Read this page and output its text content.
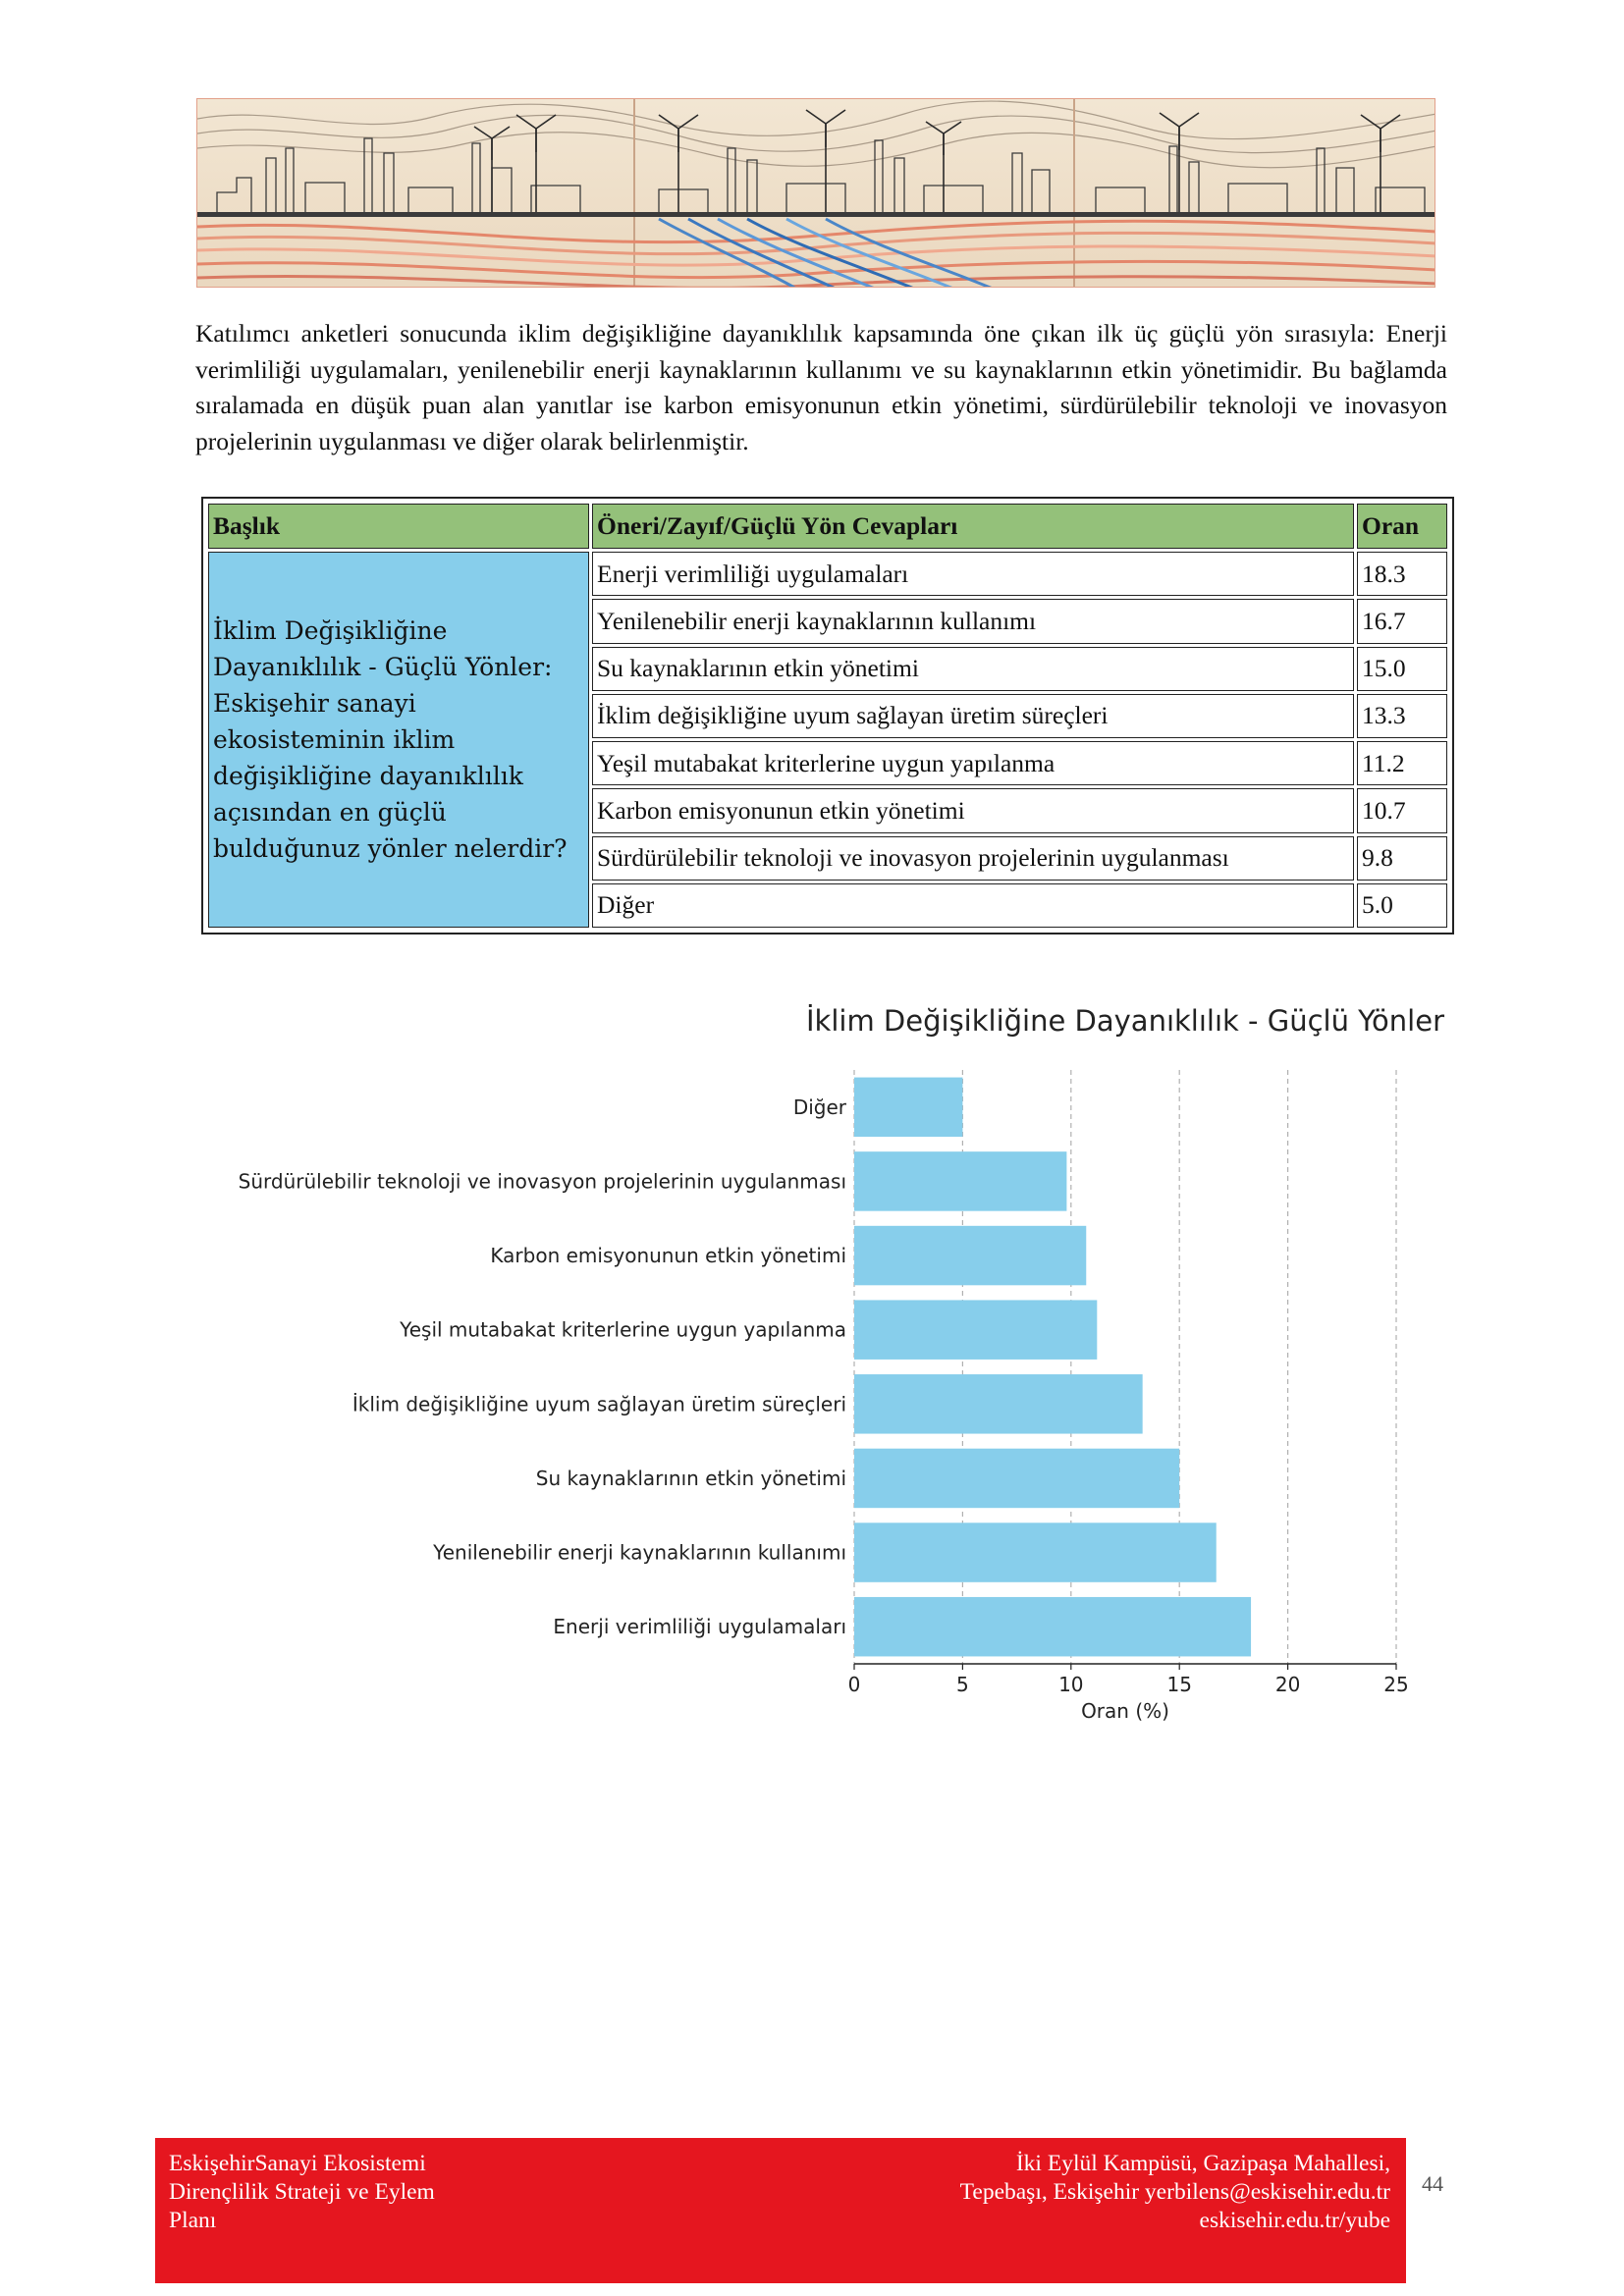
Katılımcı anketleri sonucunda iklim değişikliğine dayanıklılık kapsamında öne çıkan ilk üç güçlü yön sırasıyla: Enerji verimliliği uygulamaları, yenilenebilir enerji kaynaklarının kullanımı ve su kaynaklarının etkin yönetimidir. Bu bağlamda sıralamada en düşük puan alan yanıtlar ise karbon emisyonunun etkin yönetimi, sürdürülebilir teknoloji ve inovasyon projelerinin uygulanması ve diğer olarak belirlenmiştir.

Başlık	Öneri/Zayıf/Güçlü Yön Cevapları	Oran
İklim Değişikliğine Dayanıklılık - Güçlü Yönler: Eskişehir sanayi ekosisteminin iklim değişikliğine dayanıklılık açısından en güçlü bulduğunuz yönler nelerdir?	Enerji verimliliği uygulamaları	18.3
	Yenilenebilir enerji kaynaklarının kullanımı	16.7
	Su kaynaklarının etkin yönetimi	15.0
	İklim değişikliğine uyum sağlayan üretim süreçleri	13.3
	Yeşil mutabakat kriterlerine uygun yapılanma	11.2
	Karbon emisyonunun etkin yönetimi	10.7
	Sürdürülebilir teknoloji ve inovasyon projelerinin uygulanması	9.8
	Diğer	5.0
İklim Değişikliğine Dayanıklılık - Güçlü Yönler
Enerji verimliliği uygulamaları
Yenilenebilir enerji kaynaklarının kullanımı
Su kaynaklarının etkin yönetimi
İklim değişikliğine uyum sağlayan üretim süreçleri
Yeşil mutabakat kriterlerine uygun yapılanma
Karbon emisyonunun etkin yönetimi
Sürdürülebilir teknoloji ve inovasyon projelerinin uygulanması
Diğer
0	5	10	15	20	25
Oran (%)
EskişehirSanayi Ekosistemi
Dirençlilik Strateji ve Eylem
Planı
İki Eylül Kampüsü, Gazipaşa Mahallesi,
Tepebaşı, Eskişehir yerbilens@eskisehir.edu.tr
eskisehir.edu.tr/yube
44
